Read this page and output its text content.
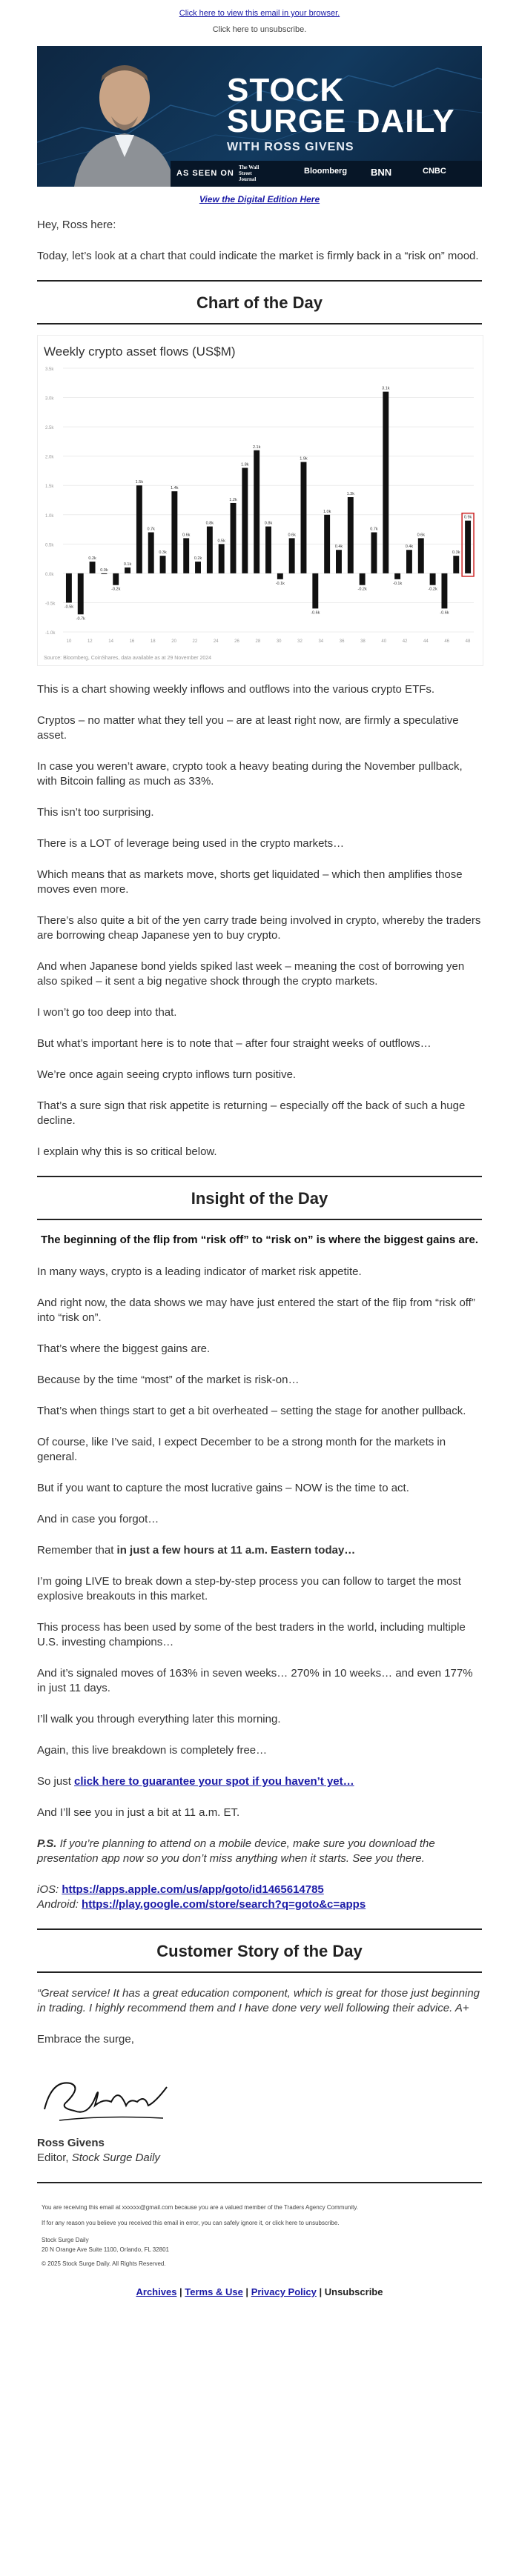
Click here to view this email in your browser.
Click here to unsubscribe.
STOCK
SURGE DAILY
WITH ROSS GIVENS
AS SEEN ON
The Wall Street Journal
Bloomberg BNN	CNBC
View the Digital Edition Here

Hey, Ross here:

Today, let’s look at a chart that could indicate the market is firmly back in a “risk on” mood.

Chart of the Day
Weekly crypto asset flows (US$M)
-1.0k
-0.5k
0.0k
0.5k
1.0k
1.5k
2.0k
2.5k
3.0k
3.5k
-0.5k
-0.7k
0.2k
0.0k
-0.2k
0.1k
1.5k
0.7k
0.3k
1.4k
0.6k
0.2k
0.8k
0.5k
1.2k
1.8k
2.1k
0.8k
-0.1k
0.6k
1.9k
-0.6k
1.0k
0.4k
1.3k
-0.2k
0.7k
3.1k
-0.1k
0.4k
0.6k
-0.2k
-0.6k
0.3k
0.9k
10	12	14	16	18	20	22	24	26	28	30	32	34	36	38	40	42	44	46	48
Source: Bloomberg, CoinShares, data available as at 29 November 2024

This is a chart showing weekly inflows and outflows into the various crypto ETFs.

Cryptos – no matter what they tell you – are at least right now, are firmly a speculative asset.

In case you weren’t aware, crypto took a heavy beating during the November pullback, with Bitcoin falling as much as 33%.

This isn’t too surprising.

There is a LOT of leverage being used in the crypto markets…

Which means that as markets move, shorts get liquidated – which then amplifies those moves even more.

There’s also quite a bit of the yen carry trade being involved in crypto, whereby the traders are borrowing cheap Japanese yen to buy crypto.

And when Japanese bond yields spiked last week – meaning the cost of borrowing yen also spiked – it sent a big negative shock through the crypto markets.

I won’t go too deep into that.

But what’s important here is to note that – after four straight weeks of outflows…

We’re once again seeing crypto inflows turn positive.

That’s a sure sign that risk appetite is returning – especially off the back of such a huge decline.

I explain why this is so critical below.

Insight of the Day
The beginning of the flip from “risk off” to “risk on” is where the biggest gains are.

In many ways, crypto is a leading indicator of market risk appetite.

And right now, the data shows we may have just entered the start of the flip from “risk off” into “risk on”.

That’s where the biggest gains are.

Because by the time “most” of the market is risk-on…

That’s when things start to get a bit overheated – setting the stage for another pullback.

Of course, like I’ve said, I expect December to be a strong month for the markets in general.

But if you want to capture the most lucrative gains – NOW is the time to act.

And in case you forgot…

Remember that in just a few hours at 11 a.m. Eastern today…

I’m going LIVE to break down a step-by-step process you can follow to target the most explosive breakouts in this market.

This process has been used by some of the best traders in the world, including multiple U.S. investing champions…

And it’s signaled moves of 163% in seven weeks… 270% in 10 weeks… and even 177% in just 11 days.

I’ll walk you through everything later this morning.

Again, this live breakdown is completely free…

So just click here to guarantee your spot if you haven’t yet…

And I’ll see you in just a bit at 11 a.m. ET.

P.S. If you’re planning to attend on a mobile device, make sure you download the presentation app now so you don’t miss anything when it starts. See you there.

iOS: https://apps.apple.com/us/app/goto/id1465614785
Android: https://play.google.com/store/search?q=goto&c=apps

Customer Story of the Day

“Great service! It has a great education component, which is great for those just beginning in trading. I highly recommend them and I have done very well following their advice. A+

Embrace the surge,

Ross Givens

Editor, Stock Surge Daily

You are receiving this email at xxxxxx@gmail.com because you are a valued member of the Traders Agency Community.
If for any reason you believe you received this email in error, you can safely ignore it, or click here to unsubscribe.
Stock Surge Daily
20 N Orange Ave Suite 1100, Orlando, FL 32801
© 2025 Stock Surge Daily. All Rights Reserved.
Archives | Terms & Use | Privacy Policy | Unsubscribe
